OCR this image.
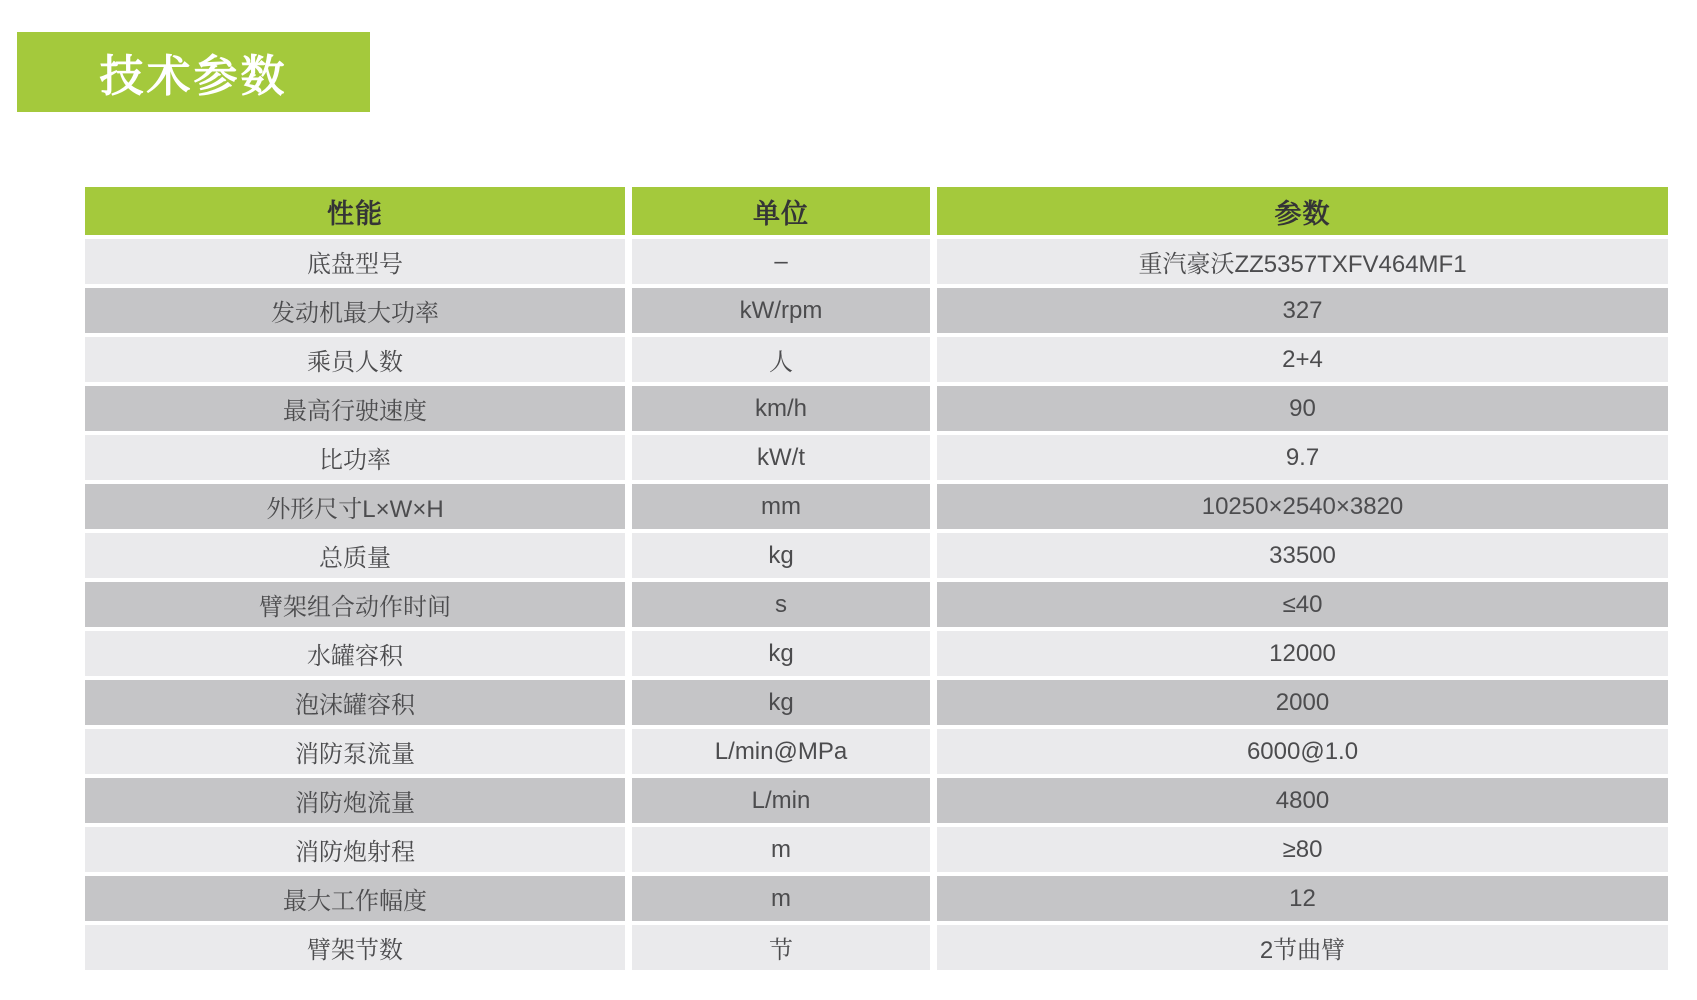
技术参数
性能	单位	参数
底盘型号	–	重汽豪沃ZZ5357TXFV464MF1
发动机最大功率	kW/rpm	327
乘员人数	人	2+4
最高行驶速度	km/h	90
比功率	kW/t	9.7
外形尺寸L×W×H	mm	10250×2540×3820
总质量	kg	33500
臂架组合动作时间	s	≤40
水罐容积	kg	12000
泡沫罐容积	kg	2000
消防泵流量	L/min@MPa	6000@1.0
消防炮流量	L/min	4800
消防炮射程	m	≥80
最大工作幅度	m	12
臂架节数	节	2节曲臂
